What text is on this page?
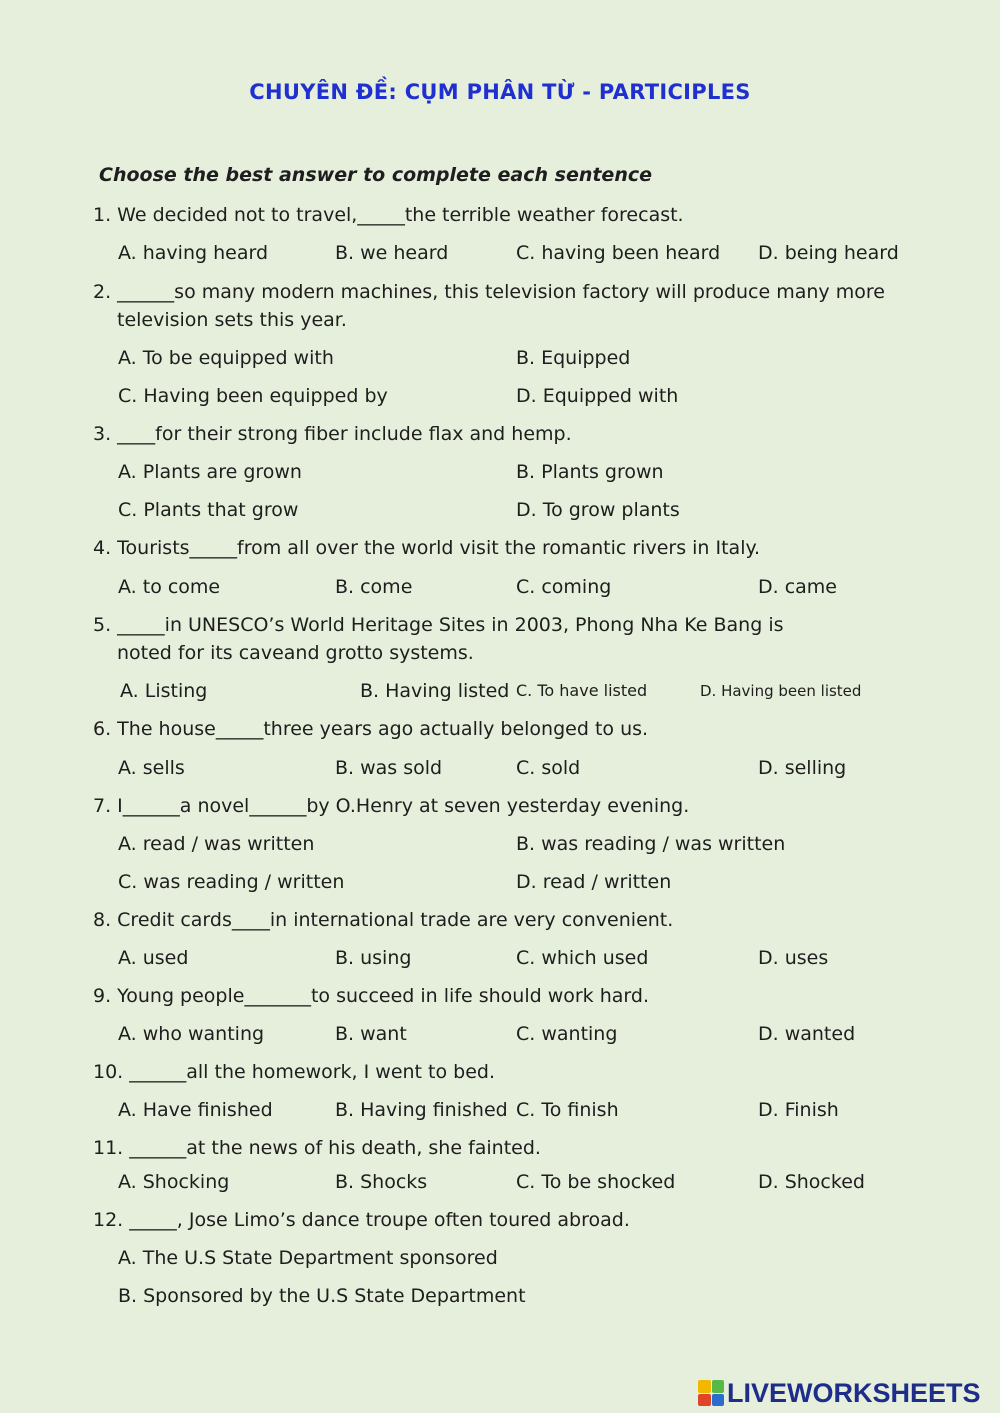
CHUYÊN ĐỀ: CỤM PHÂN TỪ - PARTICIPLES
Choose the best answer to complete each sentence
1. We decided not to travel,_____the terrible weather forecast.
A. having heard	B. we heard	C. having been heard D. being heard
2. ______so many modern machines, this television factory will produce many more
television sets this year.
A. To be equipped with	B. Equipped
C. Having been equipped by	D. Equipped with
3. ____for their strong fiber include flax and hemp.
A. Plants are grown	B. Plants grown
C. Plants that grow	D. To grow plants
4. Tourists_____from all over the world visit the romantic rivers in Italy.
A. to come	B. come	C. coming	D. came
5. _____in UNESCO’s World Heritage Sites in 2003, Phong Nha Ke Bang is
noted for its caveand grotto systems.
A. Listing	B. Having listed C. To have listed	D. Having been listed
6. The house_____three years ago actually belonged to us.
A. sells	B. was sold	C. sold	D. selling
7. I______a novel______by O.Henry at seven yesterday evening.
A. read / was written	B. was reading / was written
C. was reading / written	D. read / written
8. Credit cards____in international trade are very convenient.
A. used	B. using	C. which used	D. uses
9. Young people_______to succeed in life should work hard.
A. who wanting	B. want	C. wanting	D. wanted
10. ______all the homework, I went to bed.
A. Have finished	B. Having finished C. To finish	D. Finish
11. ______at the news of his death, she fainted.
A. Shocking	B. Shocks	C. To be shocked	D. Shocked
12. _____, Jose Limo’s dance troupe often toured abroad.
A. The U.S State Department sponsored
B. Sponsored by the U.S State Department
LIVEWORKSHEETS
